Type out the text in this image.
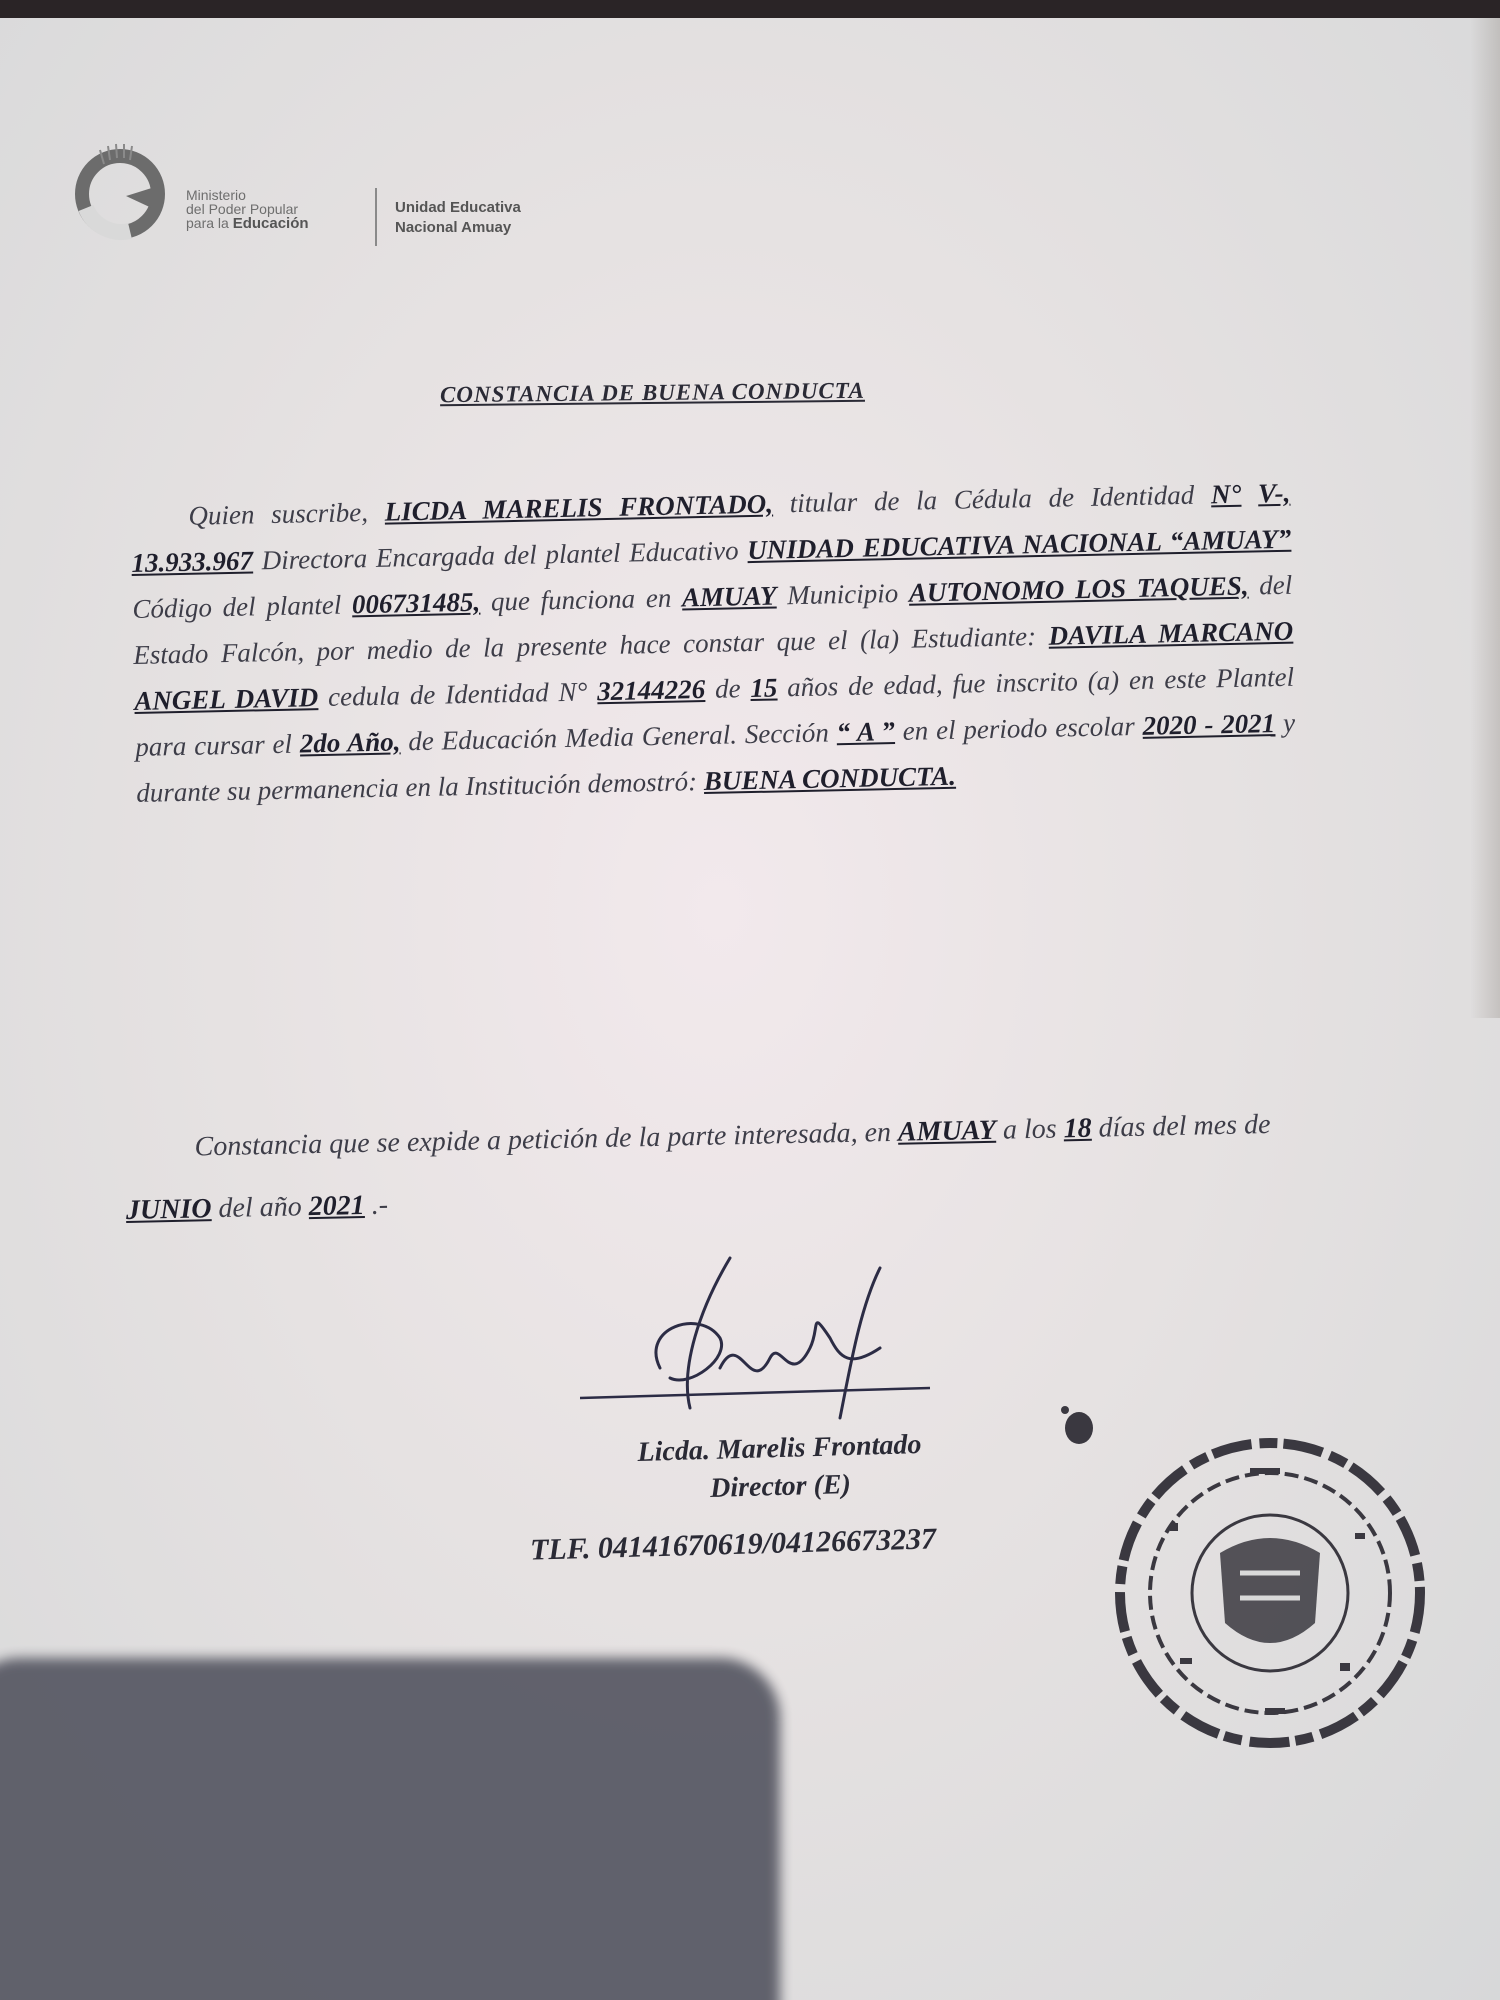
Ministerio
del Poder Popular
para la Educación
Unidad Educativa
Nacional Amuay
CONSTANCIA DE BUENA CONDUCTA
Quien suscribe, LICDA MARELIS FRONTADO, titular de la Cédula de Identidad N° V-, 13.933.967 Directora Encargada del plantel Educativo UNIDAD EDUCATIVA NACIONAL “AMUAY” Código del plantel 006731485, que funciona en AMUAY Municipio AUTONOMO LOS TAQUES, del Estado Falcón, por medio de la presente hace constar que el (la) Estudiante: DAVILA MARCANO ANGEL DAVID cedula de Identidad N° 32144226 de 15 años de edad, fue inscrito (a) en este Plantel para cursar el 2do Año, de Educación Media General. Sección “ A ” en el periodo escolar 2020 - 2021 y durante su permanencia en la Institución demostró: BUENA CONDUCTA.
Constancia que se expide a petición de la parte interesada, en AMUAY a los 18 días del mes de JUNIO del año 2021 .-
Licda. Marelis Frontado
Director (E)
TLF. 04141670619/04126673237
